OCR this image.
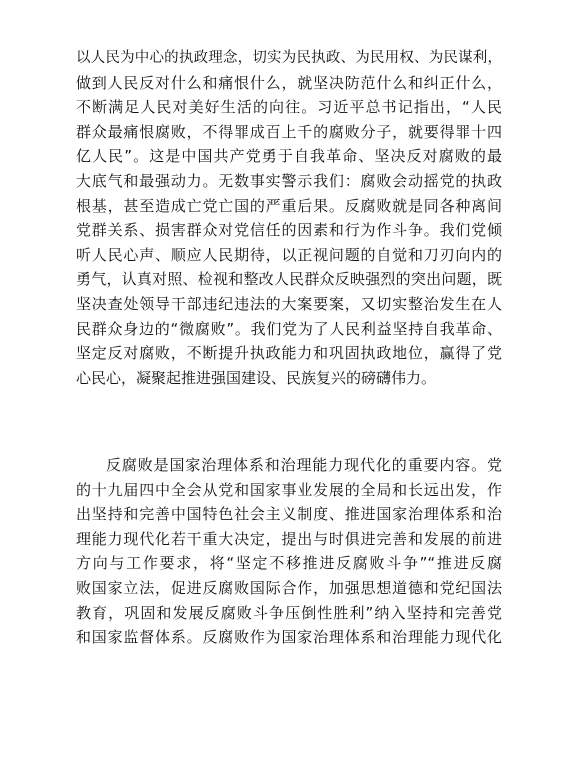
以人民为中心的执政理念，切实为民执政、为民用权、为民谋利，
做到人民反对什么和痛恨什么，就坚决防范什么和纠正什么，
不断满足人民对美好生活的向往。习近平总书记指出，“人民
群众最痛恨腐败，不得罪成百上千的腐败分子，就要得罪十四
亿人民”。这是中国共产党勇于自我革命、坚决反对腐败的最
大底气和最强动力。无数事实警示我们：腐败会动摇党的执政
根基，甚至造成亡党亡国的严重后果。反腐败就是同各种离间
党群关系、损害群众对党信任的因素和行为作斗争。我们党倾
听人民心声、顺应人民期待，以正视问题的自觉和刀刃向内的
勇气，认真对照、检视和整改人民群众反映强烈的突出问题，既
坚决查处领导干部违纪违法的大案要案，又切实整治发生在人
民群众身边的“微腐败”。我们党为了人民利益坚持自我革命、
坚定反对腐败，不断提升执政能力和巩固执政地位，赢得了党
心民心，凝聚起推进强国建设、民族复兴的磅礴伟力。
反腐败是国家治理体系和治理能力现代化的重要内容。党
的十九届四中全会从党和国家事业发展的全局和长远出发，作
出坚持和完善中国特色社会主义制度、推进国家治理体系和治
理能力现代化若干重大决定，提出与时俱进完善和发展的前进
方向与工作要求，将“坚定不移推进反腐败斗争”“推进反腐
败国家立法，促进反腐败国际合作，加强思想道德和党纪国法
教育，巩固和发展反腐败斗争压倒性胜利”纳入坚持和完善党
和国家监督体系。反腐败作为国家治理体系和治理能力现代化
